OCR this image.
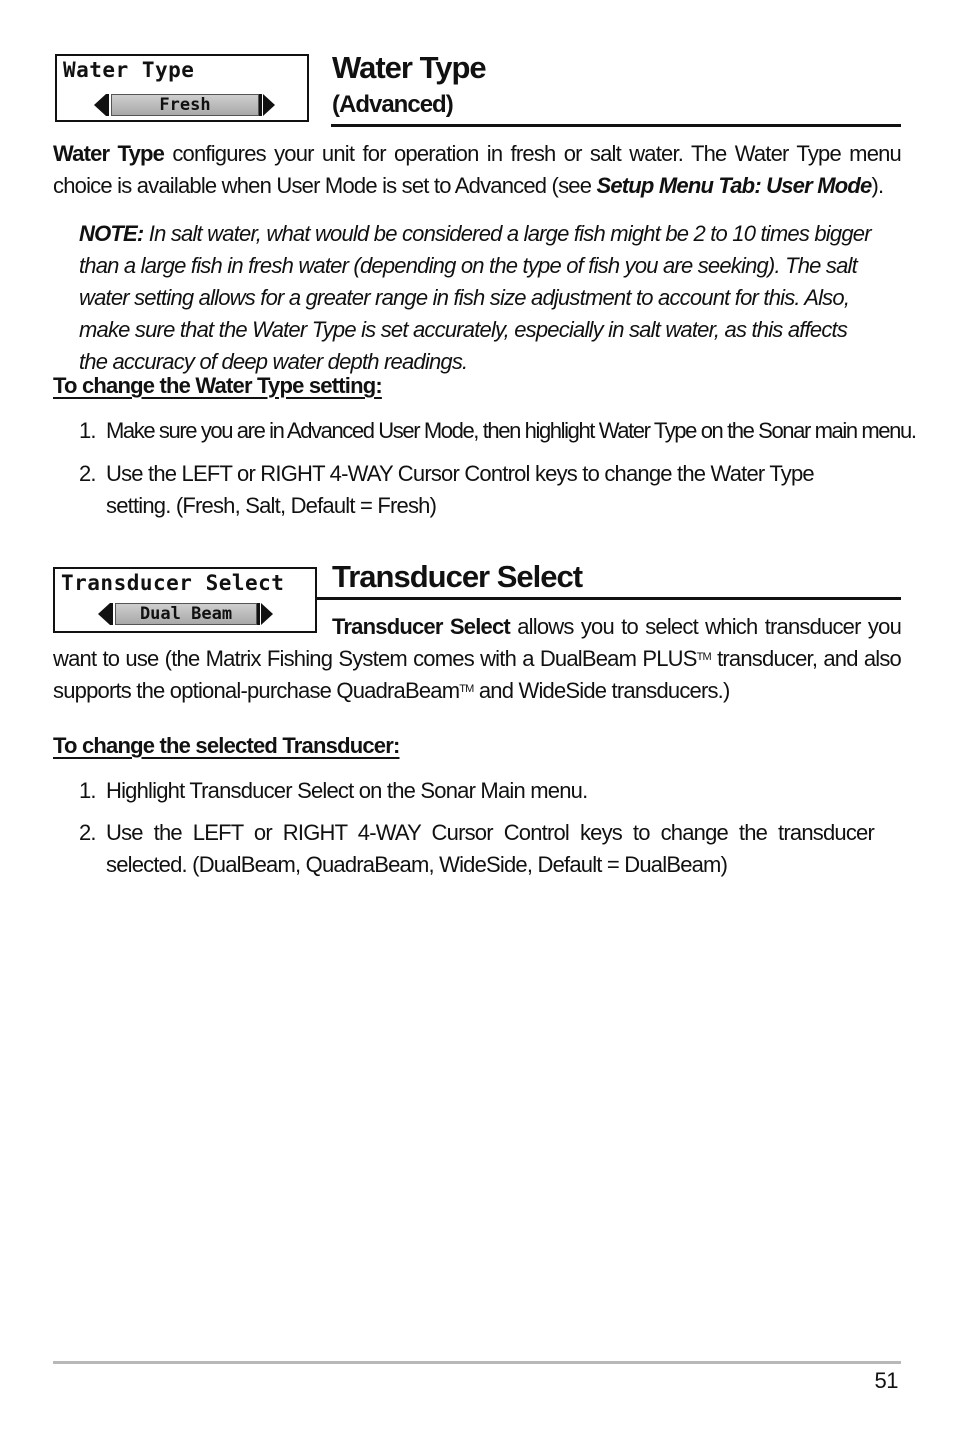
Water Type
Fresh
Water Type
(Advanced)

Water Type configures your unit for operation in fresh or salt water. The Water Type menu choice is available when User Mode is set to Advanced (see Setup Menu Tab: User Mode).

NOTE: In salt water, what would be considered a large fish might be 2 to 10 times bigger than a large fish in fresh water (depending on the type of fish you are seeking). The salt water setting allows for a greater range in fish size adjustment to account for this. Also, make sure that the Water Type is set accurately, especially in salt water, as this affects the accuracy of deep water depth readings.

To change the Water Type setting:
1. Make sure you are in Advanced User Mode, then highlight Water Type on the Sonar main menu.
2. Use the LEFT or RIGHT 4-WAY Cursor Control keys to change the Water Type setting. (Fresh, Salt, Default = Fresh)
Transducer Select
Dual Beam
Transducer Select

Transducer Select allows you to select which transducer you want to use (the Matrix Fishing System comes with a DualBeam PLUS™ transducer, and also supports the optional-purchase QuadraBeam™ and WideSide transducers.)

To change the selected Transducer:
1. Highlight Transducer Select on the Sonar Main menu.
2. Use the LEFT or RIGHT 4-WAY Cursor Control keys to change the transducer selected. (DualBeam, QuadraBeam, WideSide, Default = DualBeam)
51
